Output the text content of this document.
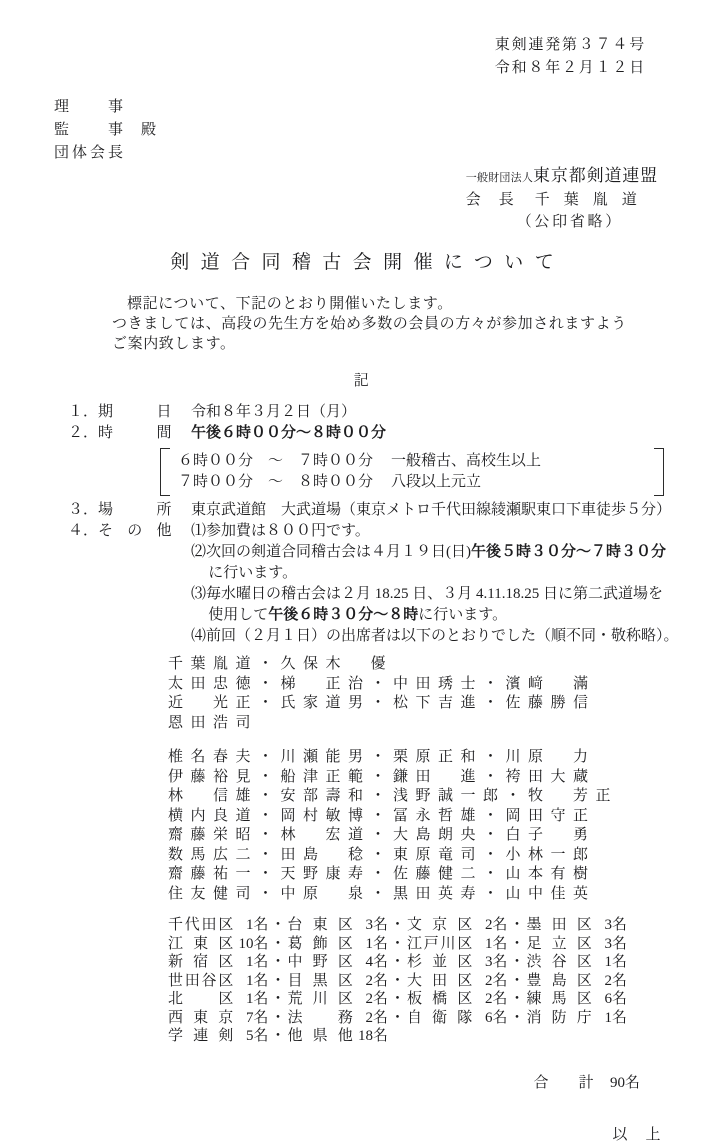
東剣連発第３７４号
令和８年２月１２日
理事
監事 殿
団体会長
一般財団法人東京都剣道連盟
会長 千葉胤道
（公印省略）
剣道合同稽古会開催について
標記について、下記のとおり開催いたします。
つきましては、高段の先生方を始め多数の会員の方々が参加されますよう
ご案内致します。
記
１． 期日 令和８年３月２日（月）
２． 時間 午後６時００分～８時００分
６時００分　～　７時００分 一般稽古、高校生以上
７時００分　～　８時００分 八段以上元立
３． 場所 東京武道館　大武道場（東京メトロ千代田線綾瀬駅東口下車徒歩５分）
４． その他 ⑴ 参加費は８００円です。
⑵ 次回の剣道合同稽古会は４月１９日(日) 午後５時３０分～７時３０分
に行います。
⑶ 毎水曜日の稽古会は２月 18.25 日、３月 4.11.18.25 日に第二武道場を
使用して午後６時３０分～８時に行います。
⑷ 前回（２月１日）の出席者は以下のとおりでした（順不同・敬称略）。
千葉胤道・久保木　優
太田忠徳・梯　正治・中田琇士・濱﨑　滿
近　光正・氏家道男・松下吉進・佐藤勝信
恩田浩司
椎名春夫・川瀬能男・栗原正和・川原　力
伊藤裕見・船津正範・鎌田　進・袴田大蔵
林　信雄・安部壽和・浅野誠一郎・牧　芳正
横内良道・岡村敏博・冨永哲雄・岡田守正
齋藤栄昭・林　宏道・大島朗央・白子　勇
数馬広二・田島　稔・東原竜司・小林一郎
齋藤祐一・天野康寿・佐藤健二・山本有樹
住友健司・中原　泉・黒田英寿・山中佳英
千代田区 1名 ・ 台東区 3名 ・ 文京区 2名 ・ 墨田区 3名
江東区 10名 ・ 葛飾区 1名 ・ 江戸川区 1名 ・ 足立区 3名
新宿区 1名 ・ 中野区 4名 ・ 杉並区 3名 ・ 渋谷区 1名
世田谷区 1名 ・ 目黒区 2名 ・ 大田区 2名 ・ 豊島区 2名
北区 1名 ・ 荒川区 2名 ・ 板橋区 2名 ・ 練馬区 6名
西東京 7名 ・ 法務 2名 ・ 自衛隊 6名 ・ 消防庁 1名
学連剣 5名 ・ 他県他 18名

合　　計 90名

以　上
